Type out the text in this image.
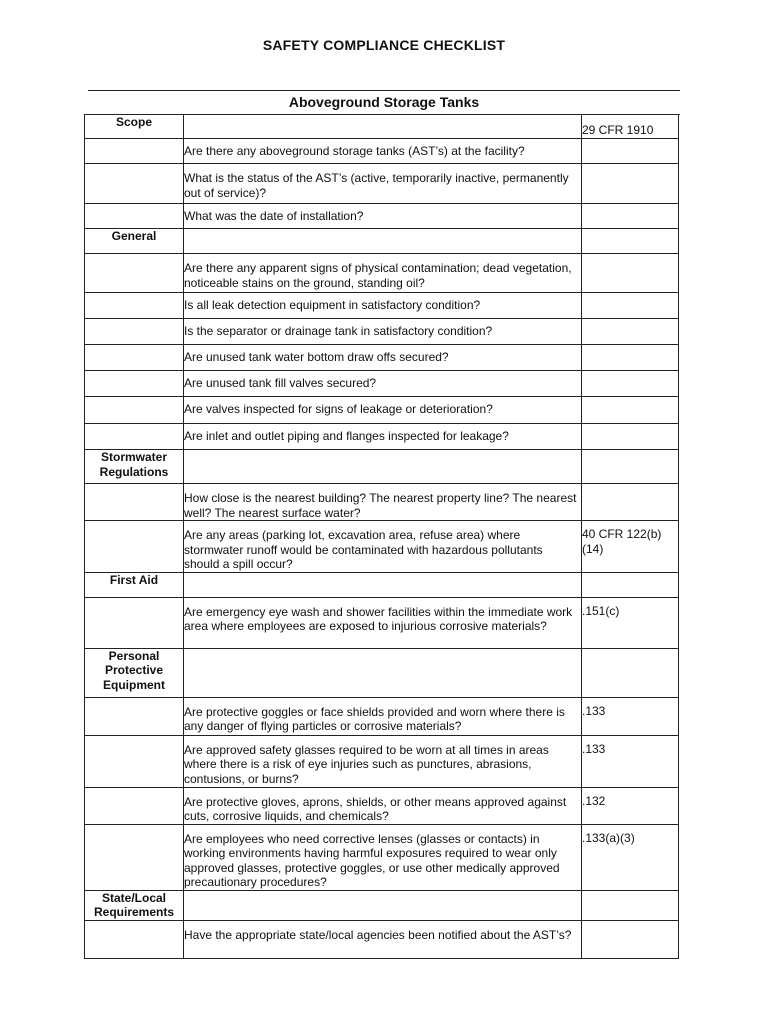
SAFETY COMPLIANCE CHECKLIST
Aboveground Storage Tanks
Scope		29 CFR 1910
	Are there any aboveground storage tanks (AST’s) at the facility?	
	What is the status of the AST’s (active, temporarily inactive, permanently out of service)?	
	What was the date of installation?	
General		
	Are there any apparent signs of physical contamination; dead vegetation, noticeable stains on the ground, standing oil?	
	Is all leak detection equipment in satisfactory condition?	
	Is the separator or drainage tank in satisfactory condition?	
	Are unused tank water bottom draw offs secured?	
	Are unused tank fill valves secured?	
	Are valves inspected for signs of leakage or deterioration?	
	Are inlet and outlet piping and flanges inspected for leakage?	
Stormwater Regulations		
	How close is the nearest building? The nearest property line? The nearest well? The nearest surface water?	
	Are any areas (parking lot, excavation area, refuse area) where stormwater runoff would be contaminated with hazardous pollutants should a spill occur?	40 CFR 122(b)(14)
First Aid		
	Are emergency eye wash and shower facilities within the immediate work area where employees are exposed to injurious corrosive materials?	.151(c)
Personal Protective Equipment		
	Are protective goggles or face shields provided and worn where there is any danger of flying particles or corrosive materials?	.133
	Are approved safety glasses required to be worn at all times in areas where there is a risk of eye injuries such as punctures, abrasions, contusions, or burns?	.133
	Are protective gloves, aprons, shields, or other means approved against cuts, corrosive liquids, and chemicals?	.132
	Are employees who need corrective lenses (glasses or contacts) in working environments having harmful exposures required to wear only approved glasses, protective goggles, or use other medically approved precautionary procedures?	.133(a)(3)
State/Local Requirements		
	Have the appropriate state/local agencies been notified about the AST’s?	
